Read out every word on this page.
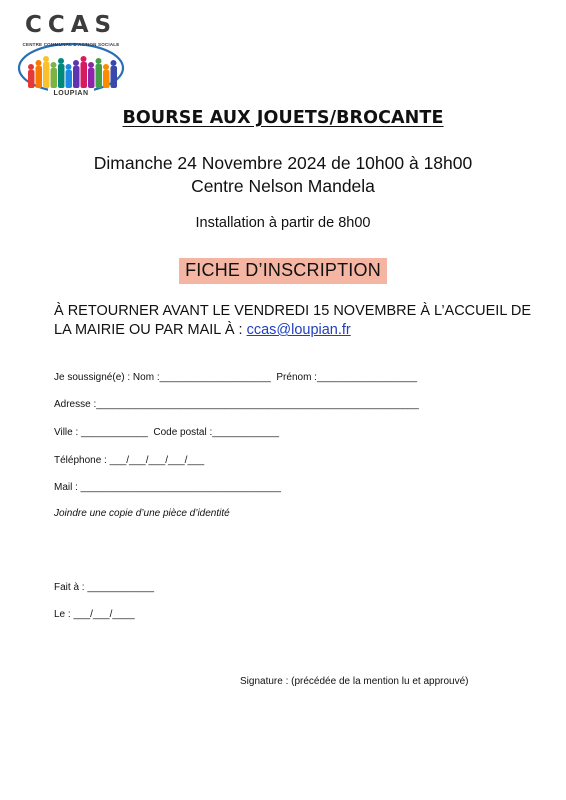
CCAS
CENTRE COMMUNAL D'ACTION SOCIALE
LOUPIAN
BOURSE AUX JOUETS/BROCANTE
Dimanche 24 Novembre 2024 de 10h00 à 18h00
Centre Nelson Mandela
Installation à partir de 8h00
FICHE D’INSCRIPTION
À RETOURNER AVANT LE VENDREDI 15 NOVEMBRE À L’ACCUEIL DE LA MAIRIE OU PAR MAIL À : ccas@loupian.fr
Je soussigné(e) : Nom :____________________  Prénom :__________________
Adresse :__________________________________________________________
Ville : ____________  Code postal :____________
Téléphone : ___/___/___/___/___
Mail : ____________________________________
Joindre une copie d’une pièce d’identité
Fait à : ____________
Le : ___/___/____
Signature : (précédée de la mention lu et approuvé)
